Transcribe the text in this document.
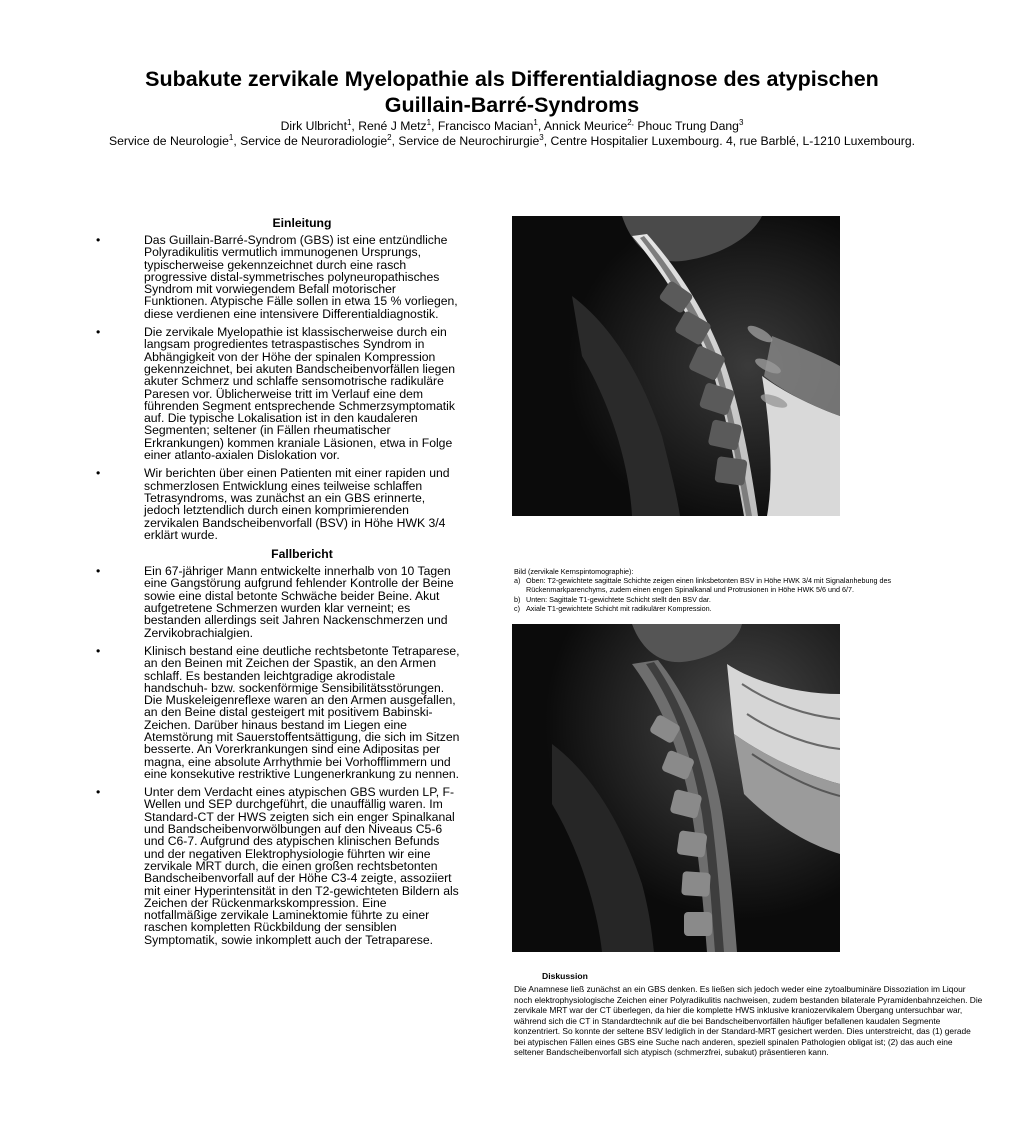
Subakute zervikale Myelopathie als Differentialdiagnose des atypischen
Guillain-Barré-Syndroms
Dirk Ulbricht$^1$, René J Metz$^1$, Francisco Macian$^1$, Annick Meurice$^{2,}$ Phouc Trung Dang$^3$
Service de Neurologie$^1$, Service de Neuroradiologie$^2$, Service de Neurochirurgie$^3$, Centre Hospitalier Luxembourg. 4, rue Barblé, L-1210 Luxembourg.
Einleitung
•	Das Guillain-Barré-Syndrom (GBS) ist eine entzündliche Polyradikulitis vermutlich immunogenen Ursprungs, typischerweise gekennzeichnet durch eine rasch progressive distal-symmetrisches polyneuropathisches Syndrom mit vorwiegendem Befall motorischer Funktionen. Atypische Fälle sollen in etwa 15 % vorliegen, diese verdienen eine intensivere Differentialdiagnostik.
•	Die zervikale Myelopathie ist klassischerweise durch ein langsam progredientes tetraspastisches Syndrom in Abhängigkeit von der Höhe der spinalen Kompression gekennzeichnet, bei akuten Bandscheibenvorfällen liegen akuter Schmerz und schlaffe sensomotrische radikuläre Paresen vor. Üblicherweise tritt im Verlauf eine dem führenden Segment entsprechende Schmerzsymptomatik auf. Die typische Lokalisation ist in den kaudaleren Segmenten; seltener (in Fällen rheumatischer Erkrankungen) kommen kraniale Läsionen, etwa in Folge einer atlanto-axialen Dislokation vor.
•	Wir berichten über einen Patienten mit einer rapiden und schmerzlosen Entwicklung eines teilweise schlaffen Tetrasyndroms, was zunächst an ein GBS erinnerte, jedoch letztendlich durch einen komprimierenden zervikalen Bandscheibenvorfall (BSV) in Höhe HWK 3/4 erklärt wurde.
Fallbericht
•	Ein 67-jähriger Mann entwickelte innerhalb von 10 Tagen eine Gangstörung aufgrund fehlender Kontrolle der Beine sowie eine distal betonte Schwäche beider Beine. Akut aufgetretene Schmerzen wurden klar verneint; es bestanden allerdings seit Jahren Nackenschmerzen und Zervikobrachialgien.
•	Klinisch bestand eine deutliche rechtsbetonte Tetraparese, an den Beinen mit Zeichen der Spastik, an den Armen schlaff. Es bestanden leichtgradige akrodistale handschuh- bzw. sockenförmige Sensibilitätsstörungen. Die Muskeleigenreflexe waren an den Armen ausgefallen, an den Beine distal gesteigert mit positivem Babinski-Zeichen. Darüber hinaus bestand im Liegen eine Atemstörung mit Sauerstoffentsättigung, die sich im Sitzen besserte. An Vorerkrankungen sind eine Adipositas per magna, eine absolute Arrhythmie bei Vorhofflimmern und eine konsekutive restriktive Lungenerkrankung zu nennen.
•	Unter dem Verdacht eines atypischen GBS wurden LP, F-Wellen und SEP durchgeführt, die unauffällig waren. Im Standard-CT der HWS zeigten sich ein enger Spinalkanal und Bandscheibenvorwölbungen auf den Niveaus C5-6 und C6-7. Aufgrund des atypischen klinischen Befunds und der negativen Elektrophysiologie führten wir eine zervikale MRT durch, die einen großen rechtsbetonten Bandscheibenvorfall auf der Höhe C3-4 zeigte, assoziiert mit einer Hyperintensität in den T2-gewichteten Bildern als Zeichen der Rückenmarkskompression. Eine notfallmäßige zervikale Laminektomie führte zu einer raschen kompletten Rückbildung der sensiblen Symptomatik, sowie inkomplett auch der Tetraparese.
Bild (zervikale Kernspintomographie):
a) Oben: T2-gewichtete sagittale Schichte zeigen einen linksbetonten BSV in Höhe HWK 3/4 mit Signalanhebung des Rückenmarkparenchyms, zudem einen engen Spinalkanal und Protrusionen in Höhe HWK 5/6 und 6/7.
b) Unten: Sagittale T1-gewichtete Schicht stellt den BSV dar.
c) Axiale T1-gewichtete Schicht mit radikulärer Kompression.
Diskussion
Die Anamnese ließ zunächst an ein GBS denken. Es ließen sich jedoch weder eine zytoalbuminäre Dissoziation im Liqour noch elektrophysiologische Zeichen einer Polyradikulitis nachweisen, zudem bestanden bilaterale Pyramidenbahnzeichen. Die zervikale MRT war der CT überlegen, da hier die komplette HWS inklusive kraniozervikalem Übergang untersuchbar war, während sich die CT in Standardtechnik auf die bei Bandscheibenvorfällen häufiger befallenen kaudalen Segmente konzentriert. So konnte der seltene BSV lediglich in der Standard-MRT gesichert werden. Dies unterstreicht, das (1) gerade bei atypischen Fällen eines GBS eine Suche nach anderen, speziell spinalen Pathologien obligat ist; (2) das auch eine seltener Bandscheibenvorfall sich atypisch (schmerzfrei, subakut) präsentieren kann.
